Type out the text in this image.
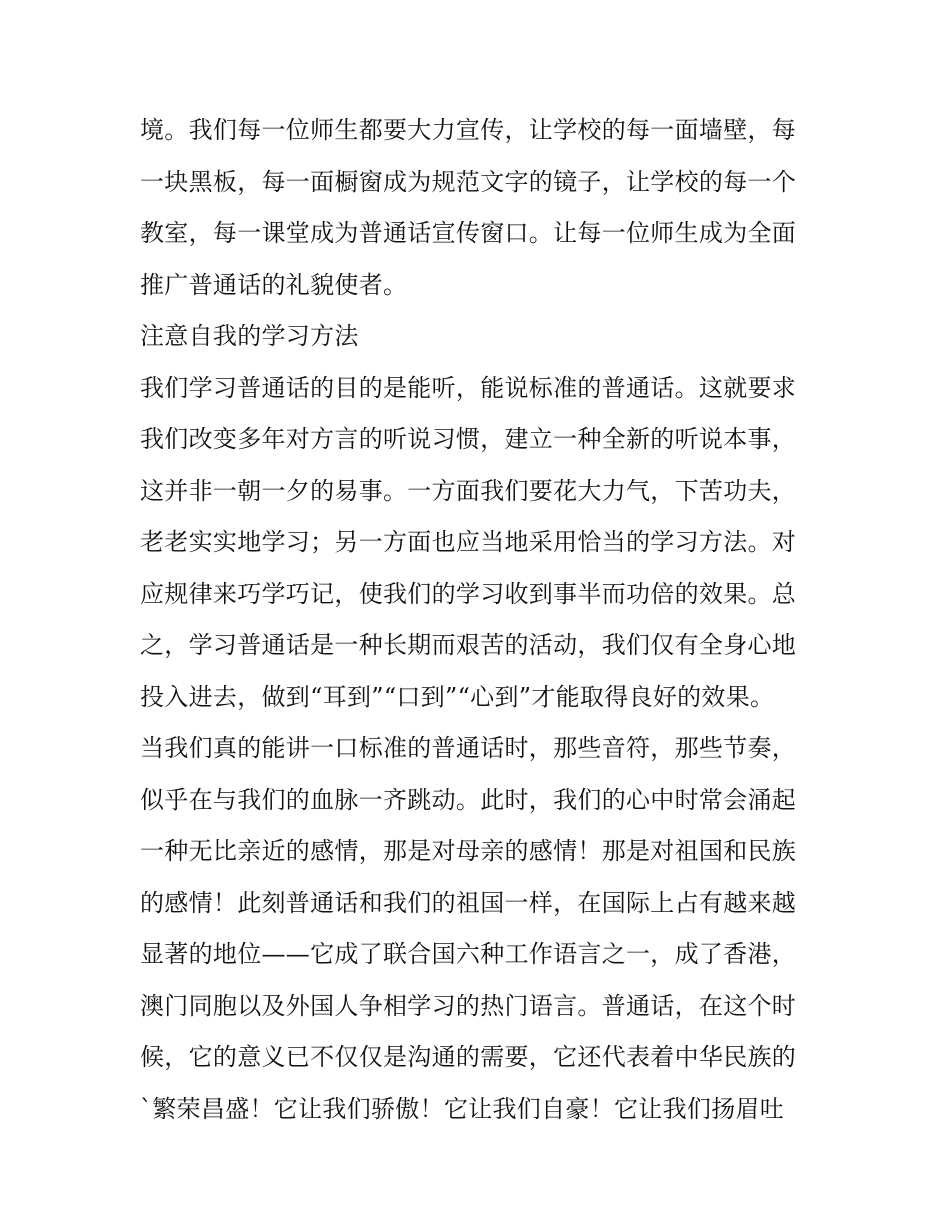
境。我们每一位师生都要大力宣传，让学校的每一面墙壁，每

一块黑板，每一面橱窗成为规范文字的镜子，让学校的每一个

教室，每一课堂成为普通话宣传窗口。让每一位师生成为全面

推广普通话的礼貌使者。

注意自我的学习方法

我们学习普通话的目的是能听，能说标准的普通话。这就要求

我们改变多年对方言的听说习惯，建立一种全新的听说本事，

这并非一朝一夕的易事。一方面我们要花大力气，下苦功夫，

老老实实地学习；另一方面也应当地采用恰当的学习方法。对

应规律来巧学巧记，使我们的学习收到事半而功倍的效果。总

之，学习普通话是一种长期而艰苦的活动，我们仅有全身心地

投入进去，做到“耳到”“口到”“心到”才能取得良好的效果。

当我们真的能讲一口标准的普通话时，那些音符，那些节奏，

似乎在与我们的血脉一齐跳动。此时，我们的心中时常会涌起

一种无比亲近的感情，那是对母亲的感情！那是对祖国和民族

的感情！此刻普通话和我们的祖国一样，在国际上占有越来越

显著的地位——它成了联合国六种工作语言之一，成了香港，

澳门同胞以及外国人争相学习的热门语言。普通话，在这个时

候，它的意义已不仅仅是沟通的需要，它还代表着中华民族的

`繁荣昌盛！它让我们骄傲！它让我们自豪！它让我们扬眉吐
